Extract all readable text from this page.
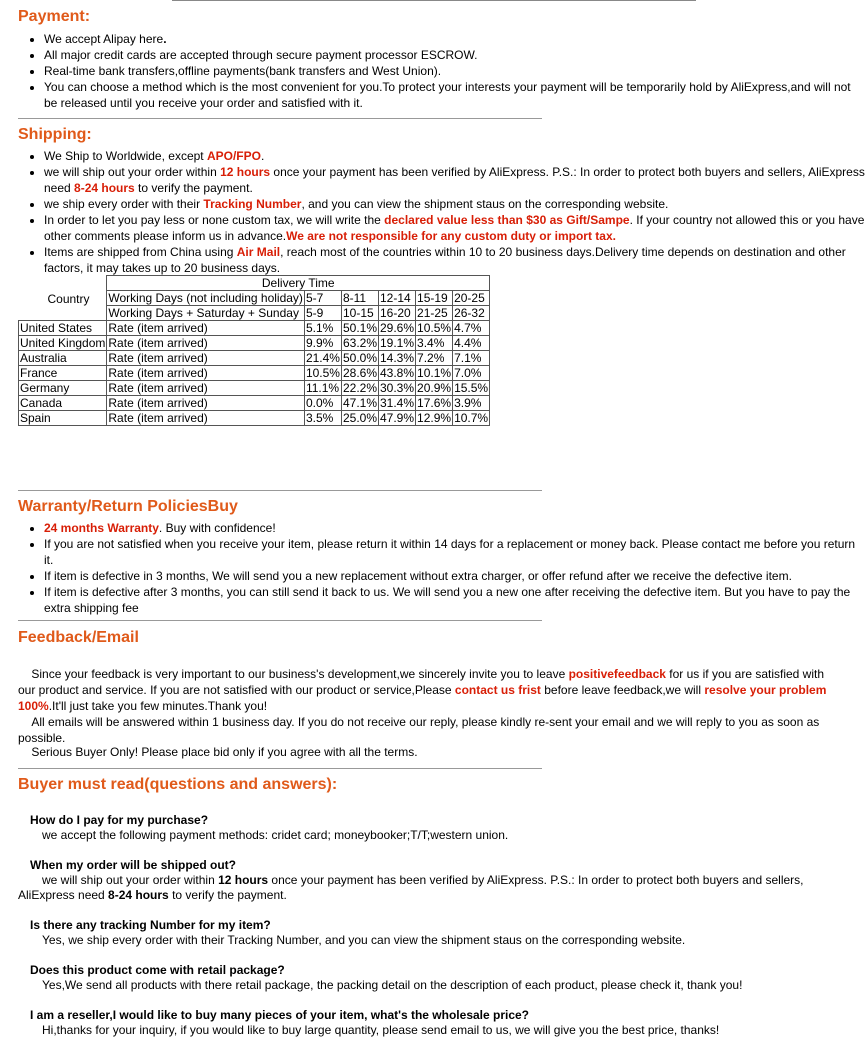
Payment:
• We accept Alipay here.
• All major credit cards are accepted through secure payment processor ESCROW.
• Real-time bank transfers,offline payments(bank transfers and West Union).
• You can choose a method which is the most convenient for you.To protect your interests your payment will be temporarily hold by AliExpress,and will not be released until you receive your order and satisfied with it.
Shipping:
• We Ship to Worldwide, except APO/FPO.
• we will ship out your order within 12 hours once your payment has been verified by AliExpress. P.S.: In order to protect both buyers and sellers, AliExpress need 8-24 hours to verify the payment.
• we ship every order with their Tracking Number, and you can view the shipment staus on the corresponding website.
• In order to let you pay less or none custom tax, we will write the declared value less than $30 as Gift/Sampe. If your country not allowed this or you have other comments please inform us in advance.We are not responsible for any custom duty or import tax.
• Items are shipped from China using Air Mail, reach most of the countries within 10 to 20 business days.Delivery time depends on destination and other factors, it may takes up to 20 business days.
	Delivery Time					
	Working Days (not including holiday)	5-7	8-11	12-14	15-19	20-25
	Working Days + Saturday + Sunday	5-9	10-15	16-20	21-25	26-32
United States	Rate (item arrived)	5.1%	50.1%	29.6%	10.5%	4.7%
United Kingdom	Rate (item arrived)	9.9%	63.2%	19.1%	3.4%	4.4%
Australia	Rate (item arrived)	21.4%	50.0%	14.3%	7.2%	7.1%
France	Rate (item arrived)	10.5%	28.6%	43.8%	10.1%	7.0%
Germany	Rate (item arrived)	11.1%	22.2%	30.3%	20.9%	15.5%
Canada	Rate (item arrived)	0.0%	47.1%	31.4%	17.6%	3.9%
Spain	Rate (item arrived)	3.5%	25.0%	47.9%	12.9%	10.7%
Country
Warranty/Return PoliciesBuy
• 24 months Warranty. Buy with confidence!
• If you are not satisfied when you receive your item, please return it within 14 days for a replacement or money back. Please contact me before you return it.
• If item is defective in 3 months, We will send you a new replacement without extra charger, or offer refund after we receive the defective item.
• If item is defective after 3 months, you can still send it back to us. We will send you a new one after receiving the defective item. But you have to pay the extra shipping fee
Feedback/Email

Since your feedback is very important to our business's development,we sincerely invite you to leave positivefeedback for us if you are satisfied with our product and service. If you are not satisfied with our product or service,Please contact us frist before leave feedback,we will resolve your problem 100%.It'll just take you few minutes.Thank you!

All emails will be answered within 1 business day. If you do not receive our reply, please kindly re-sent your email and we will reply to you as soon as possible.

Serious Buyer Only! Please place bid only if you agree with all the terms.

Buyer must read(questions and answers):
How do I pay for my purchase?
we accept the following payment methods: cridet card; moneybooker;T/T;western union.
When my order will be shipped out?
we will ship out your order within 12 hours once your payment has been verified by AliExpress. P.S.: In order to protect both buyers and sellers, AliExpress need 8-24 hours to verify the payment.
Is there any tracking Number for my item?
Yes, we ship every order with their Tracking Number, and you can view the shipment staus on the corresponding website.
Does this product come with retail package?
Yes,We send all products with there retail package, the packing detail on the description of each product, please check it, thank you!
I am a reseller,I would like to buy many pieces of your item, what's the wholesale price?
Hi,thanks for your inquiry, if you would like to buy large quantity, please send email to us, we will give you the best price, thanks!
